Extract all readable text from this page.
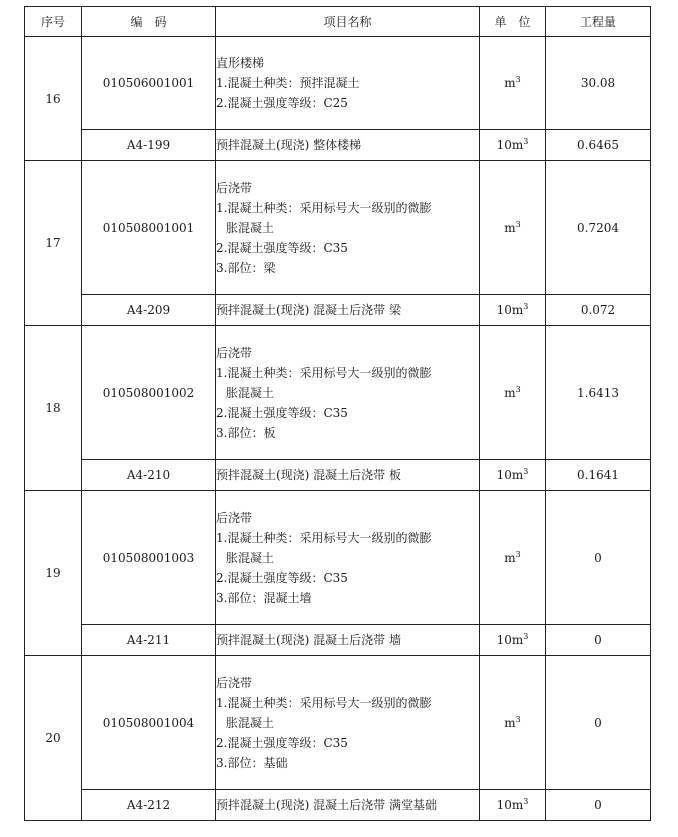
序号	编　码	项目名称	单　位	工程量
16	010506001001	直形楼梯
1.混凝土种类：预拌混凝土
2.混凝土强度等级：C25	$m^3$	30.08
	A4-199	预拌混凝土(现浇) 整体楼梯	$10m^3$	0.6465
17	010508001001	后浇带
1.混凝土种类：采用标号大一级别的微膨
胀混凝土
2.混凝土强度等级：C35
3.部位：梁	$m^3$	0.7204
	A4-209	预拌混凝土(现浇) 混凝土后浇带 梁	$10m^3$	0.072
18	010508001002	后浇带
1.混凝土种类：采用标号大一级别的微膨
胀混凝土
2.混凝土强度等级：C35
3.部位：板	$m^3$	1.6413
	A4-210	预拌混凝土(现浇) 混凝土后浇带 板	$10m^3$	0.1641
19	010508001003	后浇带
1.混凝土种类：采用标号大一级别的微膨
胀混凝土
2.混凝土强度等级：C35
3.部位：混凝土墙	$m^3$	0
	A4-211	预拌混凝土(现浇) 混凝土后浇带 墙	$10m^3$	0
20	010508001004	后浇带
1.混凝土种类：采用标号大一级别的微膨
胀混凝土
2.混凝土强度等级：C35
3.部位：基础	$m^3$	0
	A4-212	预拌混凝土(现浇) 混凝土后浇带 满堂基础	$10m^3$	0
